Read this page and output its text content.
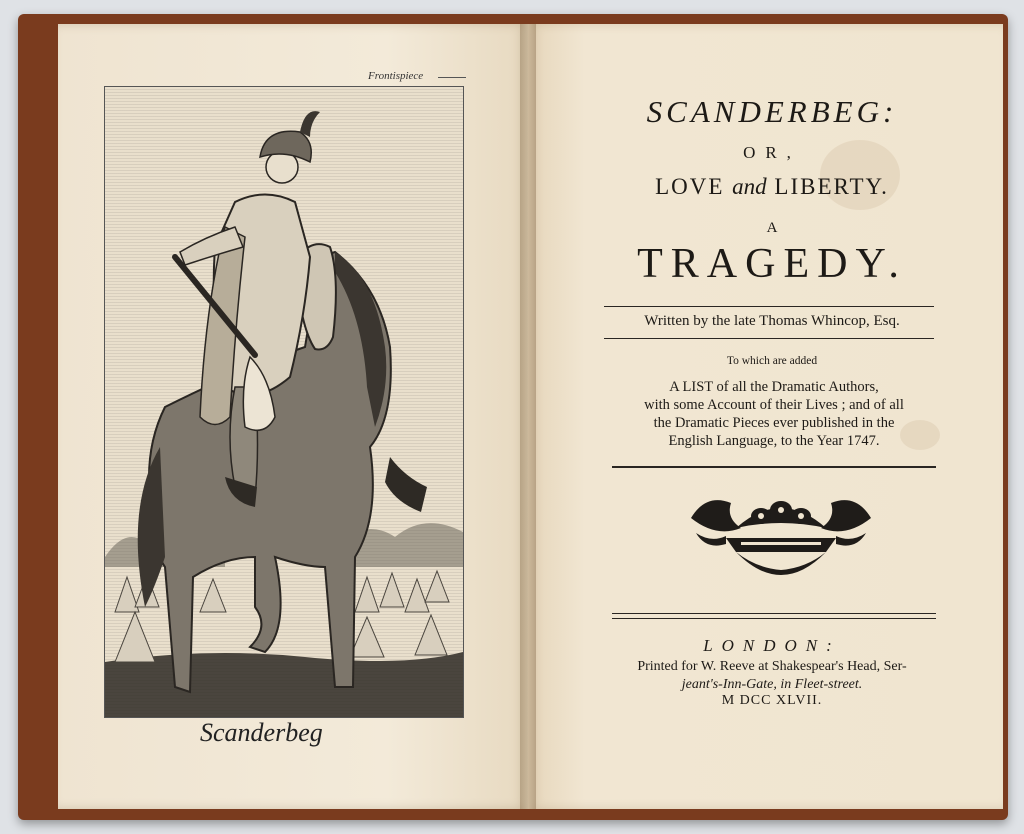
Frontispiece
Scanderbeg
SCANDERBEG:
OR,
LOVE and LIBERTY.
A
TRAGEDY.
Written by the late Thomas Whincop, Esq.
To which are added
A LIST of all the Dramatic Authors,
with some Account of their Lives ; and of all
the Dramatic Pieces ever published in the
English Language, to the Year 1747.
LONDON:
Printed for W. Reeve at Shakespear's Head, Ser-
jeant's-Inn-Gate, in Fleet-street.
M DCC XLVII.
